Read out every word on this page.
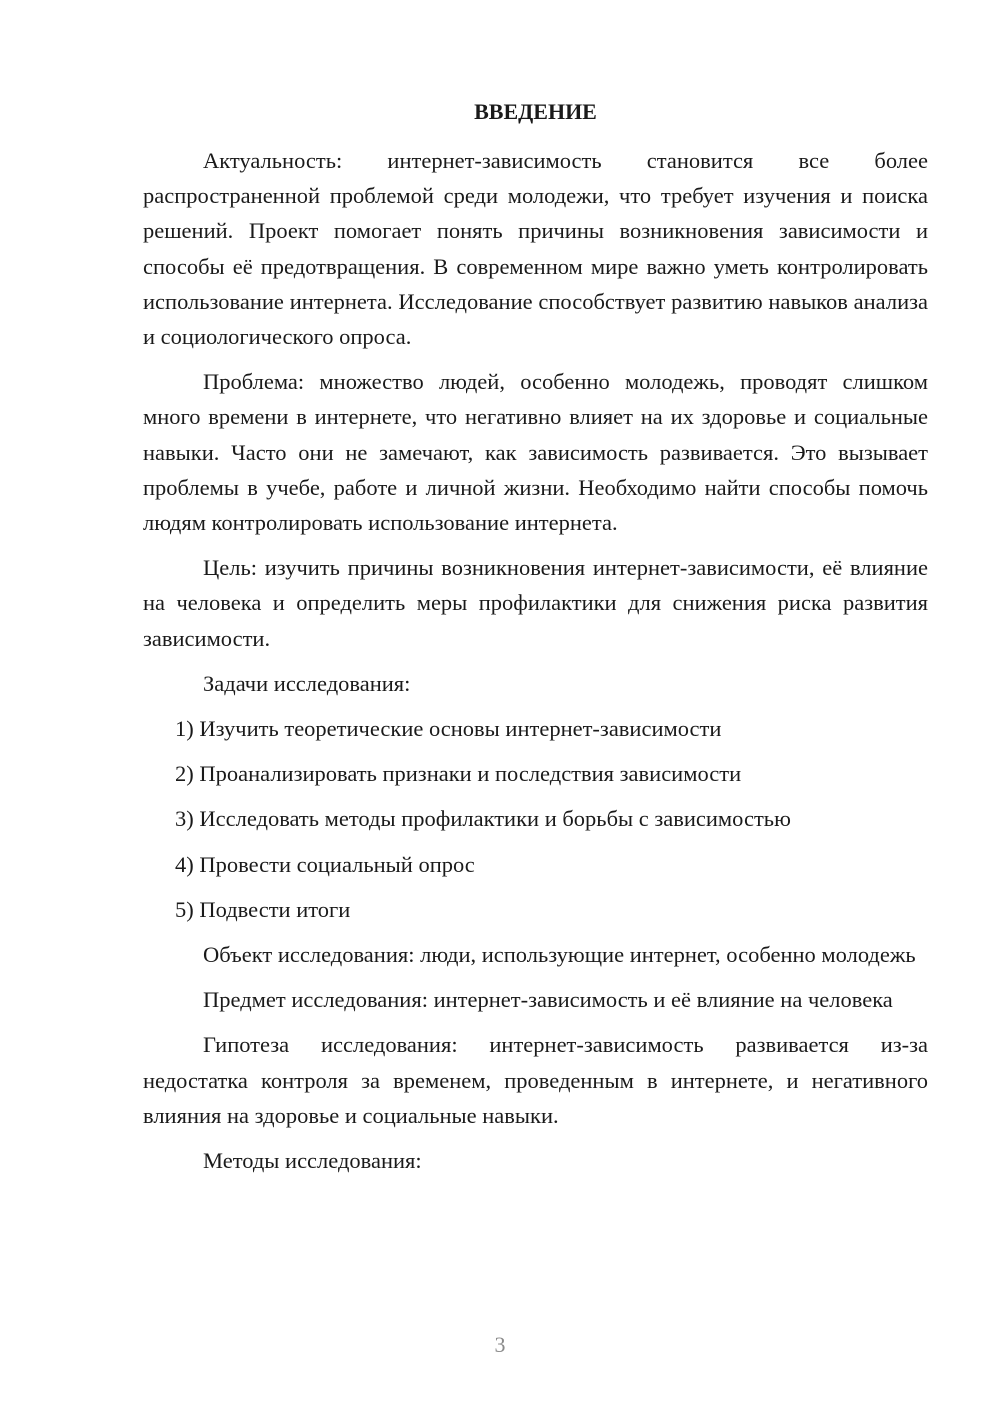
ВВЕДЕНИЕ

Актуальность: интернет-зависимость становится все более распространенной проблемой среди молодежи, что требует изучения и поиска решений. Проект помогает понять причины возникновения зависимости и способы её предотвращения. В современном мире важно уметь контролировать использование интернета. Исследование способствует развитию навыков анализа и социологического опроса.

Проблема: множество людей, особенно молодежь, проводят слишком много времени в интернете, что негативно влияет на их здоровье и социальные навыки. Часто они не замечают, как зависимость развивается. Это вызывает проблемы в учебе, работе и личной жизни. Необходимо найти способы помочь людям контролировать использование интернета.

Цель: изучить причины возникновения интернет-зависимости, её влияние на человека и определить меры профилактики для снижения риска развития зависимости.

Задачи исследования:

1) Изучить теоретические основы интернет-зависимости

2) Проанализировать признаки и последствия зависимости

3) Исследовать методы профилактики и борьбы с зависимостью

4) Провести социальный опрос

5) Подвести итоги

Объект исследования: люди, использующие интернет, особенно молодежь

Предмет исследования: интернет-зависимость и её влияние на человека

Гипотеза исследования: интернет-зависимость развивается из-за недостатка контроля за временем, проведенным в интернете, и негативного влияния на здоровье и социальные навыки.

Методы исследования:

3
